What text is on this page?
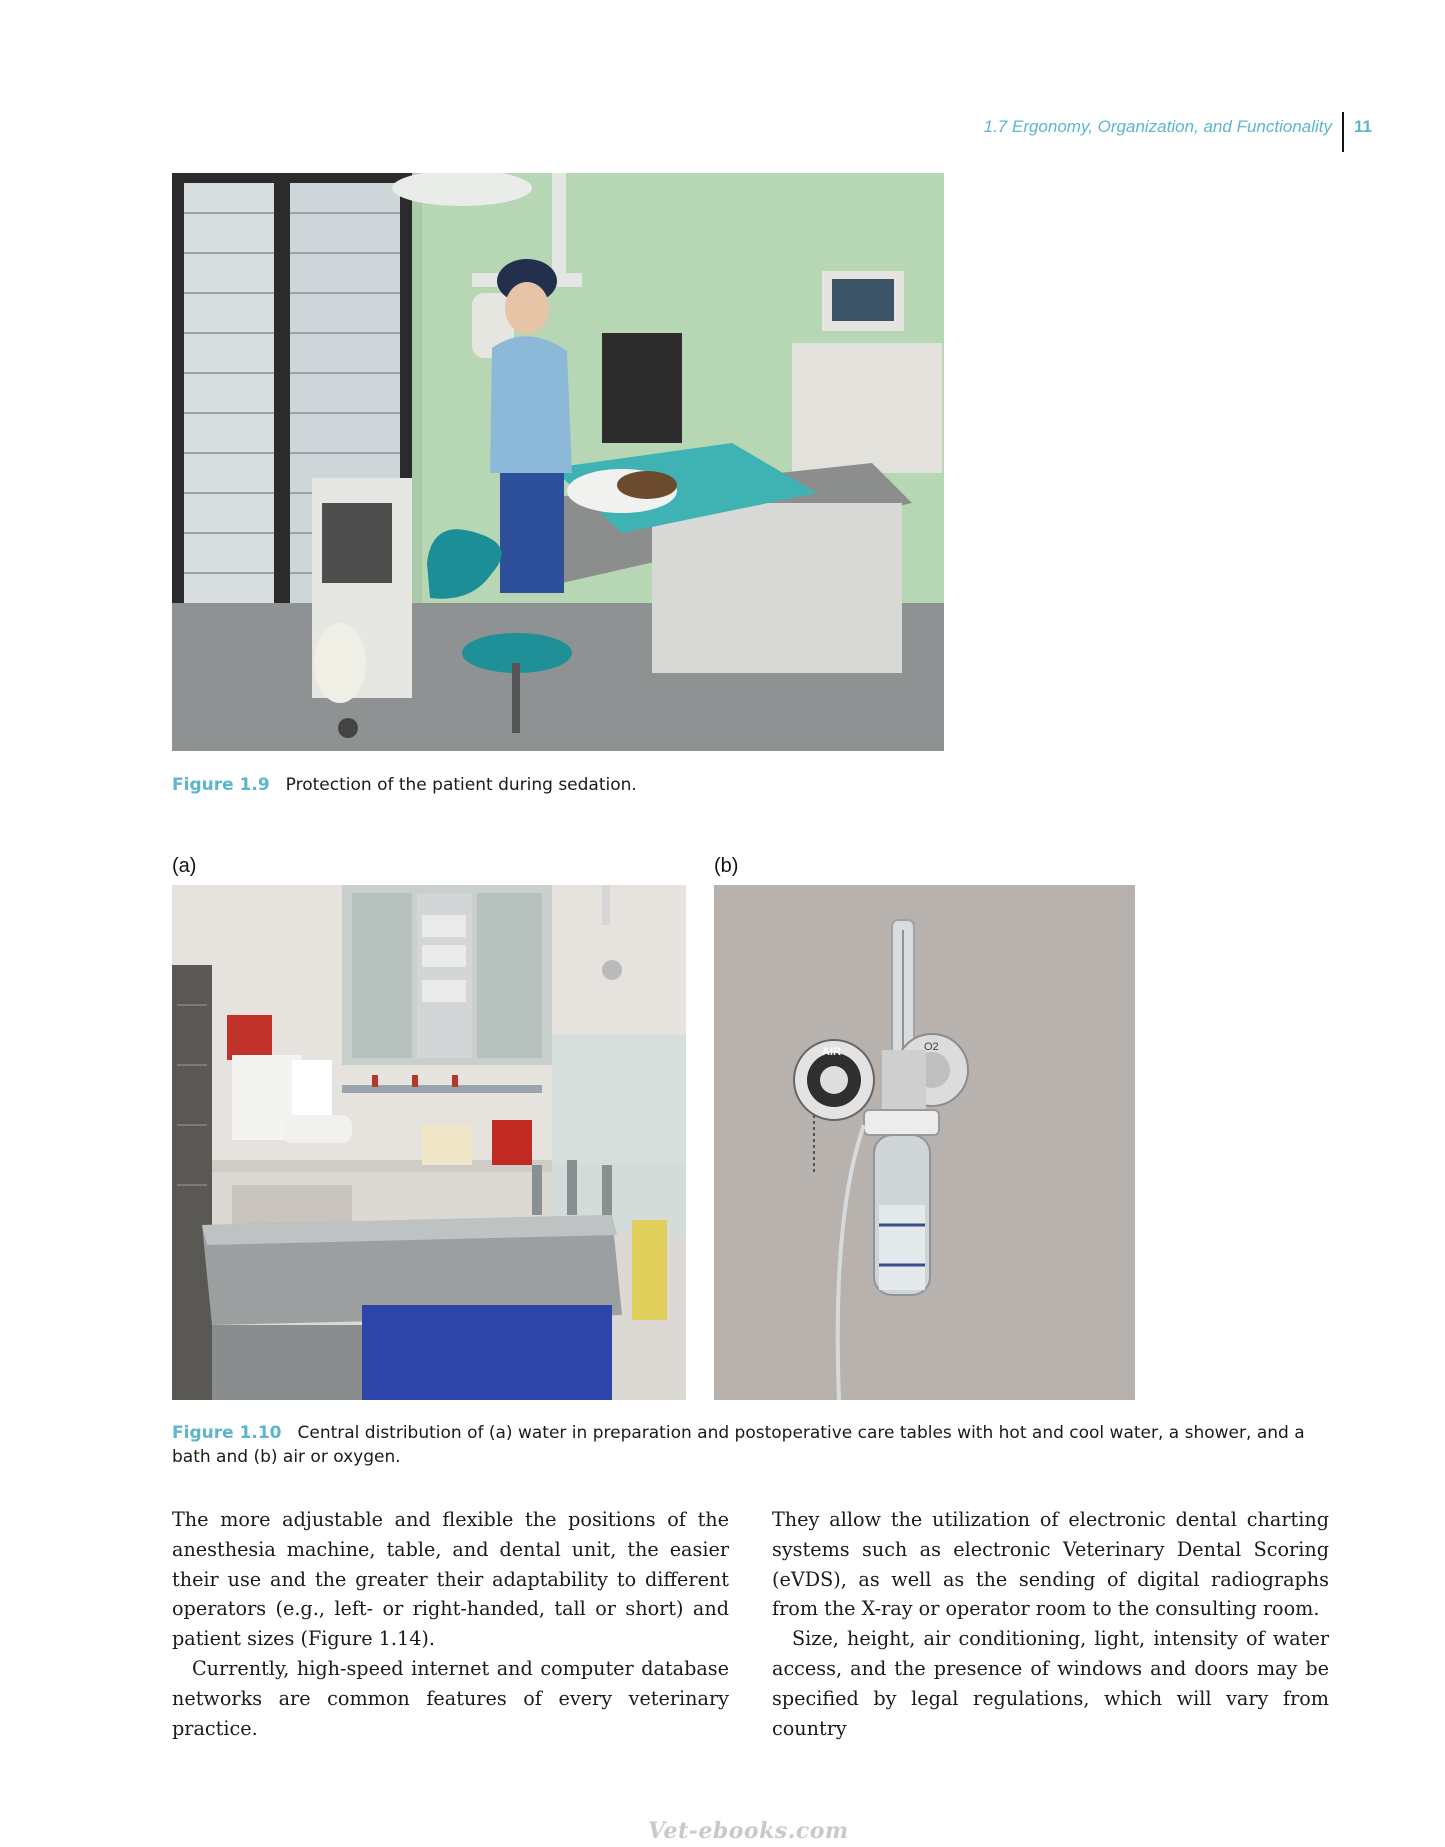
1.7 Ergonomy, Organization, and Functionality 11
Figure 1.9 Protection of the patient during sedation.
(a)	(b)
AIR	O2
Figure 1.10 Central distribution of (a) water in preparation and postoperative care tables with hot and cool water, a shower, and a bath and (b) air or oxygen.

The more adjustable and flexible the positions of the anesthesia machine, table, and dental unit, the easier their use and the greater their adaptability to different operators (e.g., left- or right-handed, tall or short) and patient sizes (Figure 1.14).

Currently, high-speed internet and computer database networks are common features of every veterinary practice.

They allow the utilization of electronic dental charting systems such as electronic Veterinary Dental Scoring (eVDS), as well as the sending of digital radiographs from the X-ray or operator room to the consulting room.

Size, height, air conditioning, light, intensity of water access, and the presence of windows and doors may be specified by legal regulations, which will vary from country

Vet-ebooks.com
